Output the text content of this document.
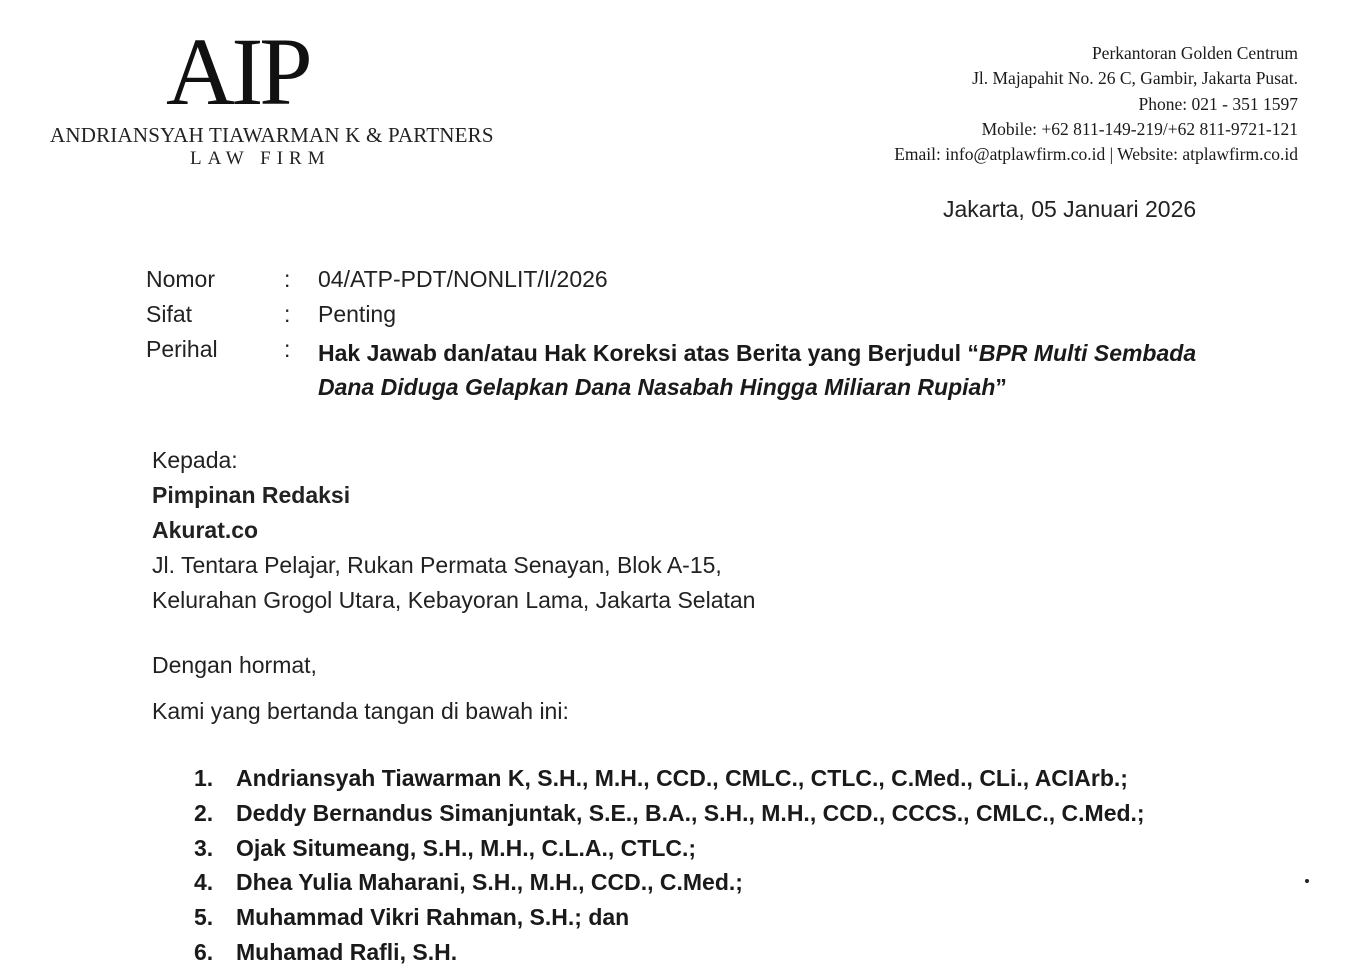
AIP
ANDRIANSYAH TIAWARMAN K & PARTNERS
LAW FIRM
Perkantoran Golden Centrum
Jl. Majapahit No. 26 C, Gambir, Jakarta Pusat.
Phone: 021 - 351 1597
Mobile: +62 811-149-219/+62 811-9721-121
Email: info@atplawfirm.co.id | Website: atplawfirm.co.id
Jakarta, 05 Januari 2026
Nomor	: 04/ATP-PDT/NONLIT/I/2026
Sifat	: Penting
Perihal	: Hak Jawab dan/atau Hak Koreksi atas Berita yang Berjudul “BPR Multi Sembada Dana Diduga Gelapkan Dana Nasabah Hingga Miliaran Rupiah”
Kepada:
Pimpinan Redaksi
Akurat.co
Jl. Tentara Pelajar, Rukan Permata Senayan, Blok A-15,
Kelurahan Grogol Utara, Kebayoran Lama, Jakarta Selatan
Dengan hormat,
Kami yang bertanda tangan di bawah ini:
1. Andriansyah Tiawarman K, S.H., M.H., CCD., CMLC., CTLC., C.Med., CLi., ACIArb.;
2. Deddy Bernandus Simanjuntak, S.E., B.A., S.H., M.H., CCD., CCCS., CMLC., C.Med.;
3. Ojak Situmeang, S.H., M.H., C.L.A., CTLC.;
4. Dhea Yulia Maharani, S.H., M.H., CCD., C.Med.;
5. Muhammad Vikri Rahman, S.H.; dan
6. Muhamad Rafli, S.H.
